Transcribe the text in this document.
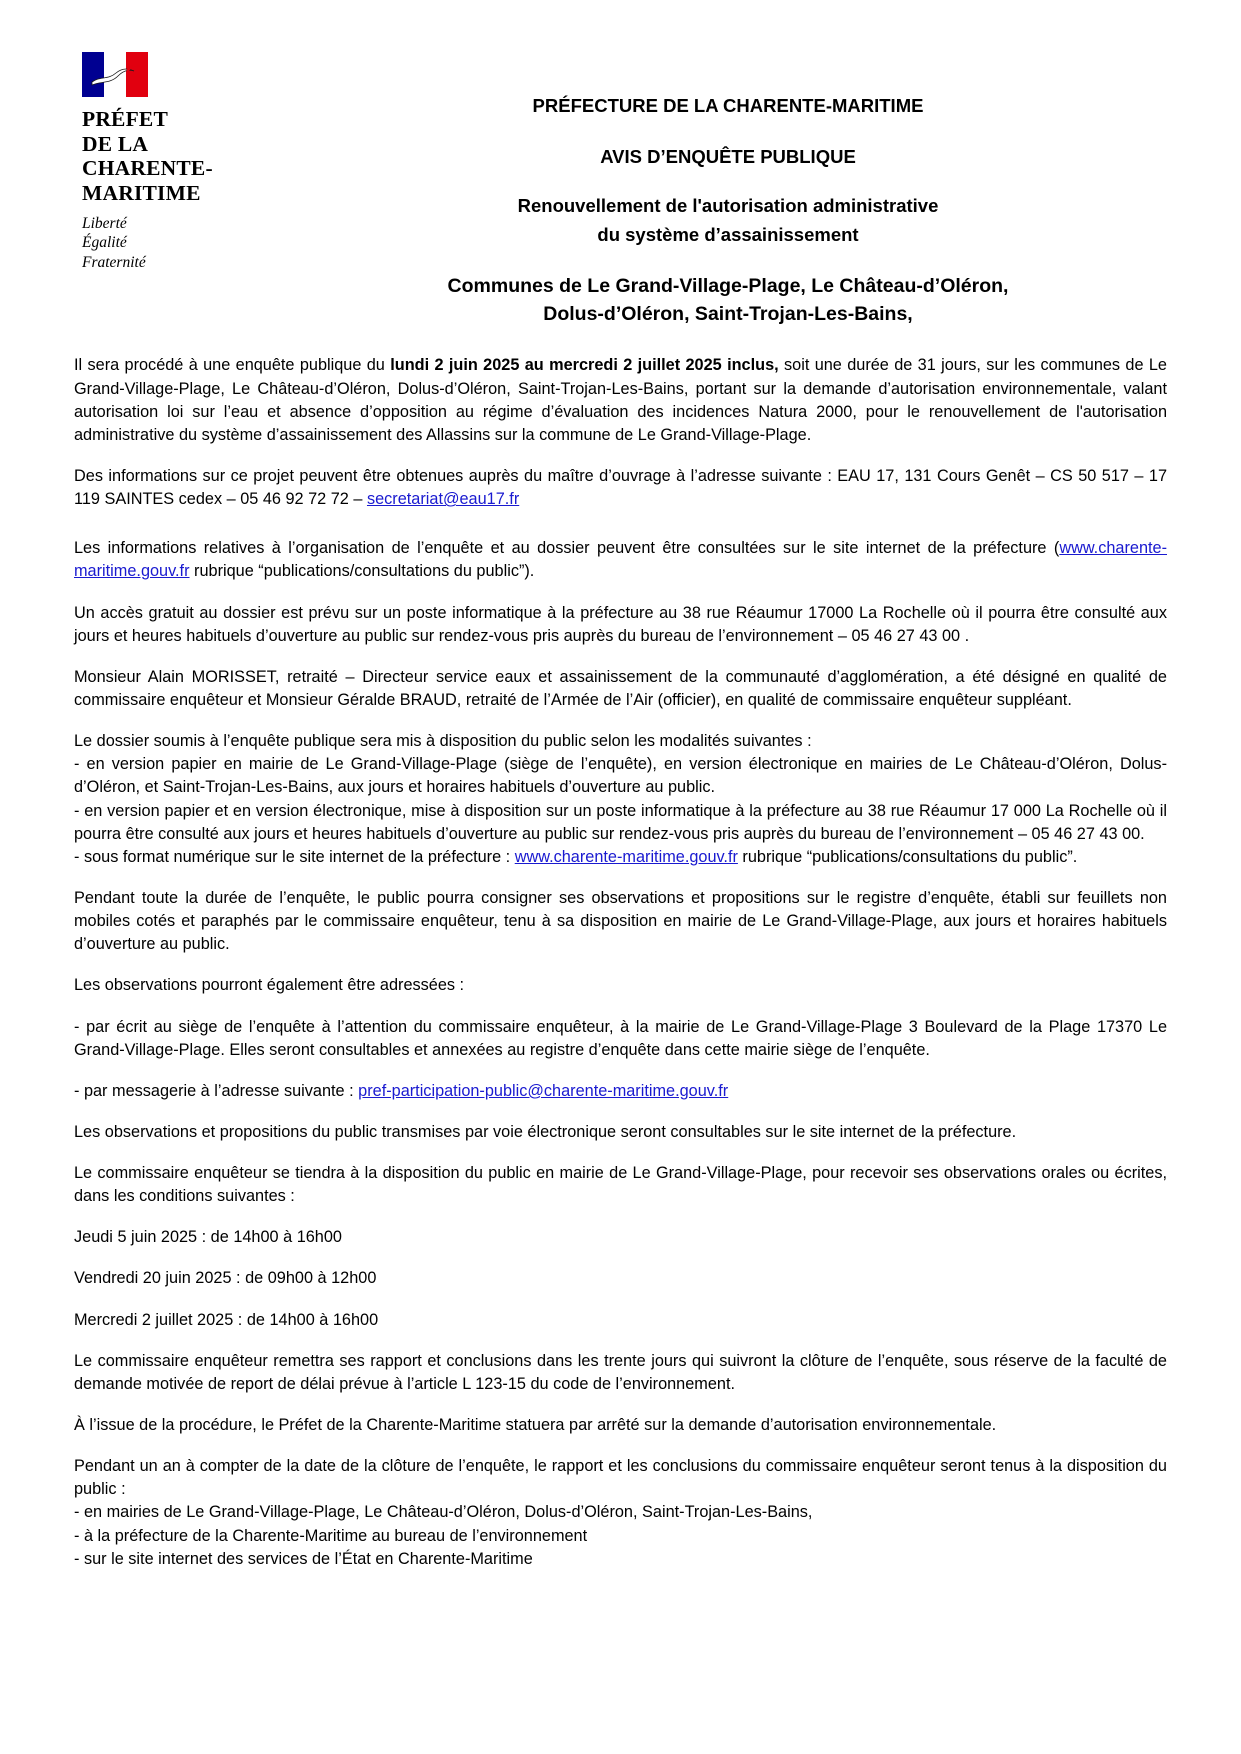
PRÉFET
DE LA
CHARENTE-
MARITIME
Liberté
Égalité
Fraternité
PRÉFECTURE DE LA CHARENTE-MARITIME
AVIS D’ENQUÊTE PUBLIQUE
Renouvellement de l'autorisation administrative
du système d’assainissement
Communes de Le Grand-Village-Plage, Le Château-d’Oléron,
Dolus-d’Oléron, Saint-Trojan-Les-Bains,

Il sera procédé à une enquête publique du lundi 2 juin 2025 au mercredi 2 juillet 2025 inclus, soit une durée de 31 jours, sur les communes de Le Grand-Village-Plage, Le Château-d’Oléron, Dolus-d’Oléron, Saint-Trojan-Les-Bains, portant sur la demande d’autorisation environnementale, valant autorisation loi sur l’eau et absence d’opposition au régime d’évaluation des incidences Natura 2000, pour le renouvellement de l'autorisation administrative du système d’assainissement des Allassins sur la commune de Le Grand-Village-Plage.

Des informations sur ce projet peuvent être obtenues auprès du maître d’ouvrage à l’adresse suivante : EAU 17, 131 Cours Genêt – CS 50 517 – 17 119 SAINTES cedex – 05 46 92 72 72 – secretariat@eau17.fr

Les informations relatives à l’organisation de l’enquête et au dossier peuvent être consultées sur le site internet de la préfecture (www.charente-maritime.gouv.fr rubrique “publications/consultations du public”).

Un accès gratuit au dossier est prévu sur un poste informatique à la préfecture au 38 rue Réaumur 17000 La Rochelle où il pourra être consulté aux jours et heures habituels d’ouverture au public sur rendez-vous pris auprès du bureau de l’environnement – 05 46 27 43 00 .

Monsieur Alain MORISSET, retraité – Directeur service eaux et assainissement de la communauté d’agglomération, a été désigné en qualité de commissaire enquêteur et Monsieur Géralde BRAUD, retraité de l’Armée de l’Air (officier), en qualité de commissaire enquêteur suppléant.

Le dossier soumis à l’enquête publique sera mis à disposition du public selon les modalités suivantes :

- en version papier en mairie de Le Grand-Village-Plage (siège de l’enquête), en version électronique en mairies de Le Château-d’Oléron, Dolus-d’Oléron, et Saint-Trojan-Les-Bains, aux jours et horaires habituels d’ouverture au public.

- en version papier et en version électronique, mise à disposition sur un poste informatique à la préfecture au 38 rue Réaumur 17 000 La Rochelle où il pourra être consulté aux jours et heures habituels d’ouverture au public sur rendez-vous pris auprès du bureau de l’environnement – 05 46 27 43 00.

- sous format numérique sur le site internet de la préfecture : www.charente-maritime.gouv.fr rubrique “publications/consultations du public”.

Pendant toute la durée de l’enquête, le public pourra consigner ses observations et propositions sur le registre d’enquête, établi sur feuillets non mobiles cotés et paraphés par le commissaire enquêteur, tenu à sa disposition en mairie de Le Grand-Village-Plage, aux jours et horaires habituels d’ouverture au public.

Les observations pourront également être adressées :

- par écrit au siège de l’enquête à l’attention du commissaire enquêteur, à la mairie de Le Grand-Village-Plage 3 Boulevard de la Plage 17370 Le Grand-Village-Plage. Elles seront consultables et annexées au registre d’enquête dans cette mairie siège de l’enquête.

- par messagerie à l’adresse suivante : pref-participation-public@charente-maritime.gouv.fr

Les observations et propositions du public transmises par voie électronique seront consultables sur le site internet de la préfecture.

Le commissaire enquêteur se tiendra à la disposition du public en mairie de Le Grand-Village-Plage, pour recevoir ses observations orales ou écrites, dans les conditions suivantes :

Jeudi 5 juin 2025 : de 14h00 à 16h00

Vendredi 20 juin 2025 : de 09h00 à 12h00

Mercredi 2 juillet 2025 : de 14h00 à 16h00

Le commissaire enquêteur remettra ses rapport et conclusions dans les trente jours qui suivront la clôture de l’enquête, sous réserve de la faculté de demande motivée de report de délai prévue à l’article L 123-15 du code de l’environnement.

À l’issue de la procédure, le Préfet de la Charente-Maritime statuera par arrêté sur la demande d’autorisation environnementale.

Pendant un an à compter de la date de la clôture de l’enquête, le rapport et les conclusions du commissaire enquêteur seront tenus à la disposition du public :

- en mairies de Le Grand-Village-Plage, Le Château-d’Oléron, Dolus-d’Oléron, Saint-Trojan-Les-Bains,

- à la préfecture de la Charente-Maritime au bureau de l’environnement

- sur le site internet des services de l’État en Charente-Maritime
